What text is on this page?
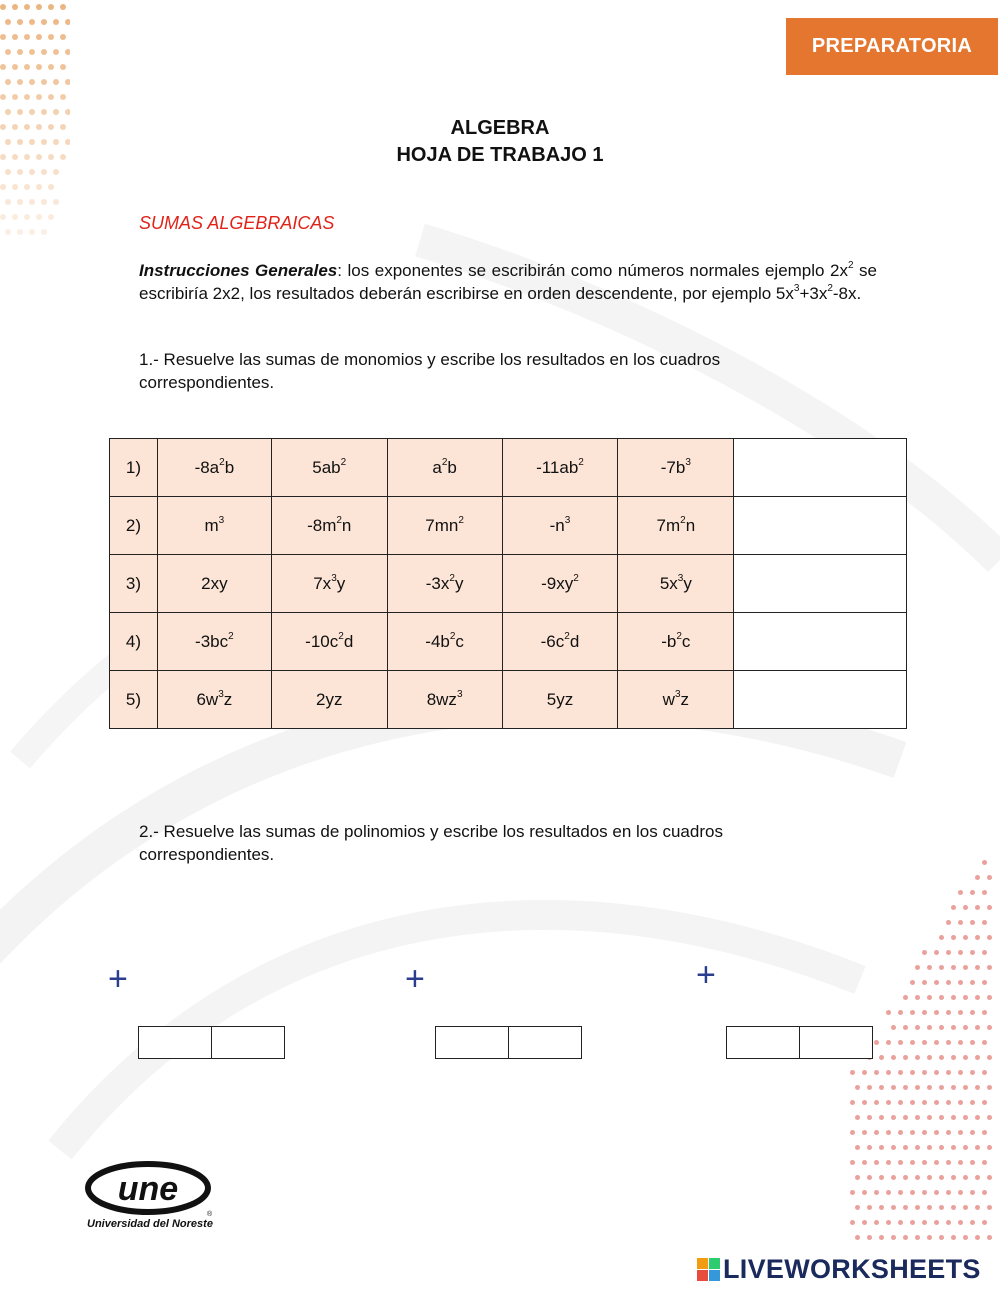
PREPARATORIA
ALGEBRA
HOJA DE TRABAJO 1
SUMAS ALGEBRAICAS
Instrucciones Generales: los exponentes se escribirán como números normales ejemplo $2x^2$ se escribiría 2x2, los resultados deberán escribirse en orden descendente, por ejemplo $5x^3+3x^2-8x$.
1.- Resuelve las sumas de monomios y escribe los resultados en los cuadros correspondientes.
1)	$-8a^2b$	$5ab^2$	$a^2b$	$-11ab^2$	$-7b^3$	
2)	$m^3$	$-8m^2n$	$7mn^2$	$-n^3$	$7m^2n$	
3)	2xy	$7x^3y$	$-3x^2y$	$-9xy^2$	$5x^3y$	
4)	$-3bc^2$	$-10c^2d$	$-4b^2c$	$-6c^2d$	$-b^2c$	
5)	$6w^3z$	2yz	$8wz^3$	5yz	$w^3z$	
2.- Resuelve las sumas de polinomios y escribe los resultados en los cuadros correspondientes.
+	+	+
une
®
Universidad del Noreste
LIVEWORKSHEETS
